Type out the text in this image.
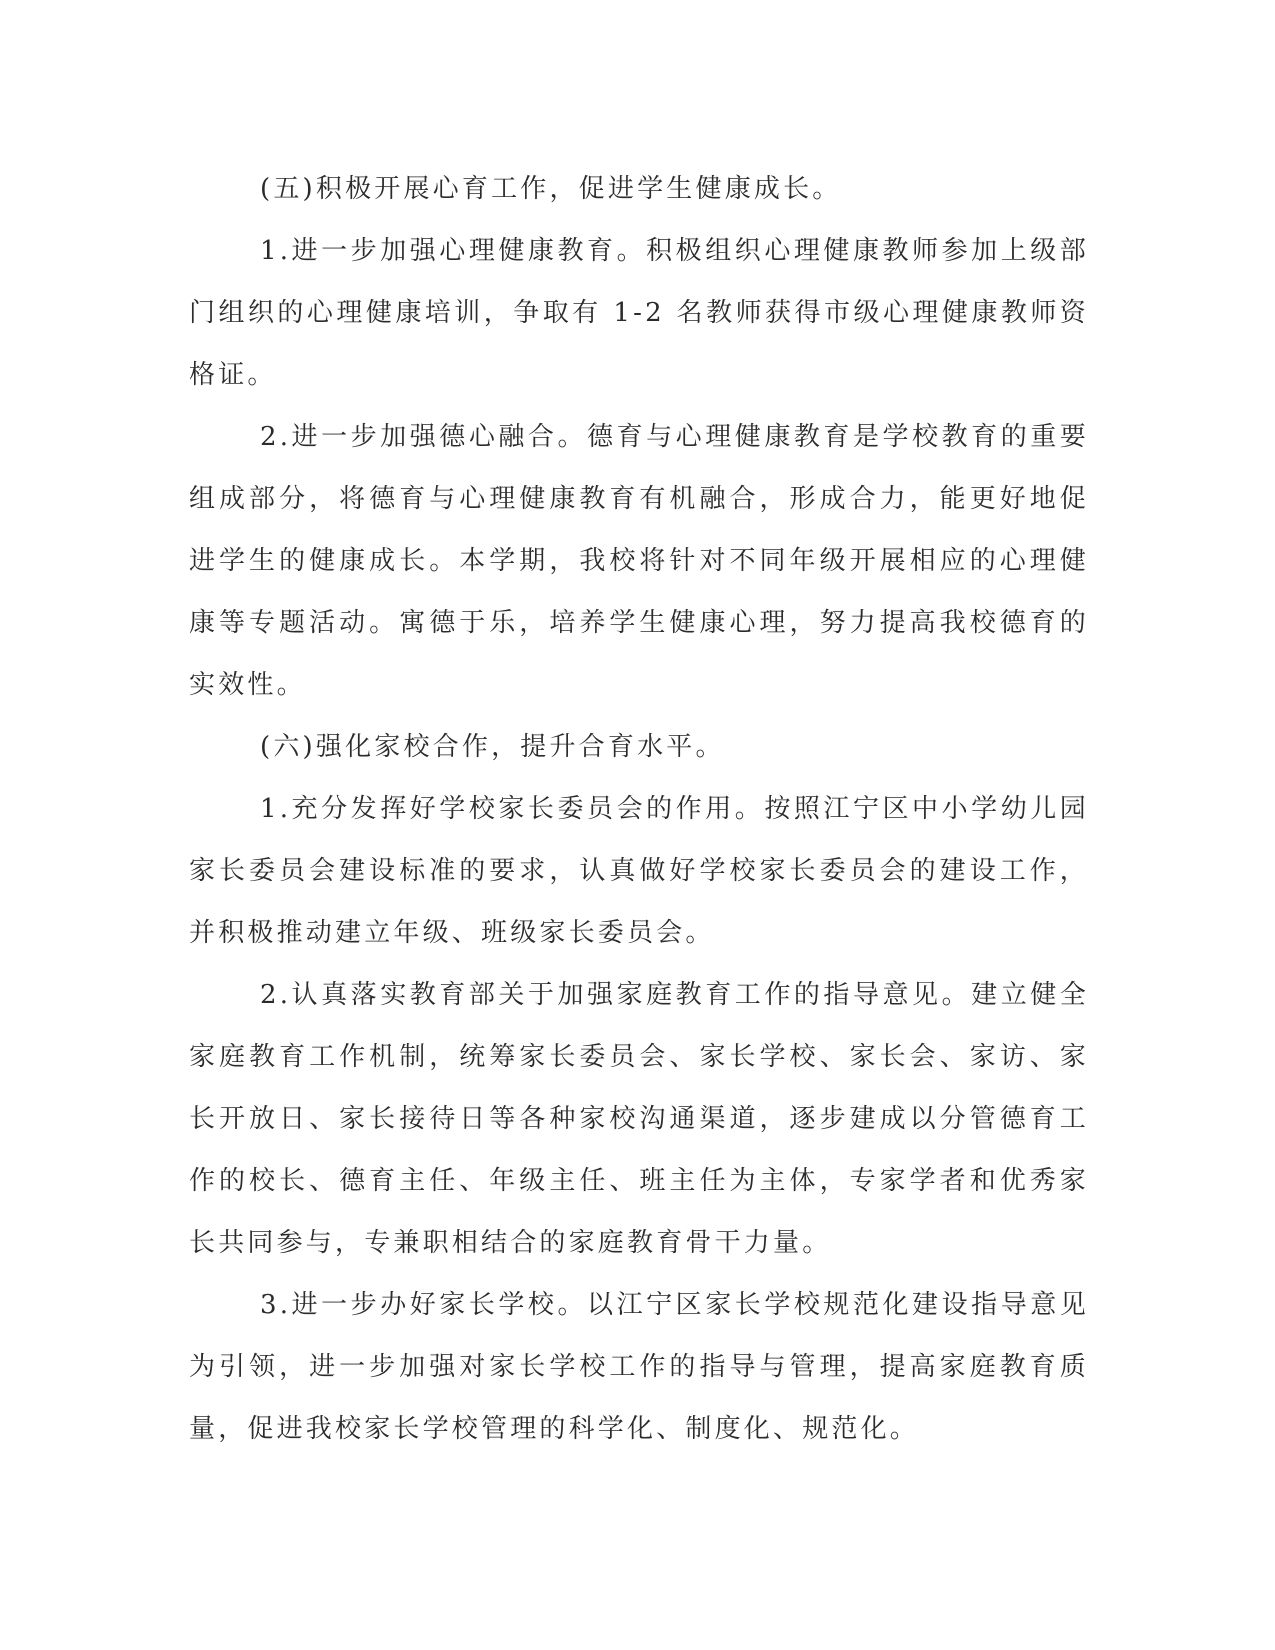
(五)积极开展心育工作，促进学生健康成长。

1.进一步加强心理健康教育。积极组织心理健康教师参加上级部门组织的心理健康培训，争取有 1-2 名教师获得市级心理健康教师资格证。

2.进一步加强德心融合。德育与心理健康教育是学校教育的重要组成部分，将德育与心理健康教育有机融合，形成合力，能更好地促进学生的健康成长。本学期，我校将针对不同年级开展相应的心理健康等专题活动。寓德于乐，培养学生健康心理，努力提高我校德育的实效性。

(六)强化家校合作，提升合育水平。

1.充分发挥好学校家长委员会的作用。按照江宁区中小学幼儿园家长委员会建设标准的要求，认真做好学校家长委员会的建设工作，并积极推动建立年级、班级家长委员会。

2.认真落实教育部关于加强家庭教育工作的指导意见。建立健全家庭教育工作机制，统筹家长委员会、家长学校、家长会、家访、家长开放日、家长接待日等各种家校沟通渠道，逐步建成以分管德育工作的校长、德育主任、年级主任、班主任为主体，专家学者和优秀家长共同参与，专兼职相结合的家庭教育骨干力量。

3.进一步办好家长学校。以江宁区家长学校规范化建设指导意见为引领，进一步加强对家长学校工作的指导与管理，提高家庭教育质量，促进我校家长学校管理的科学化、制度化、规范化。
